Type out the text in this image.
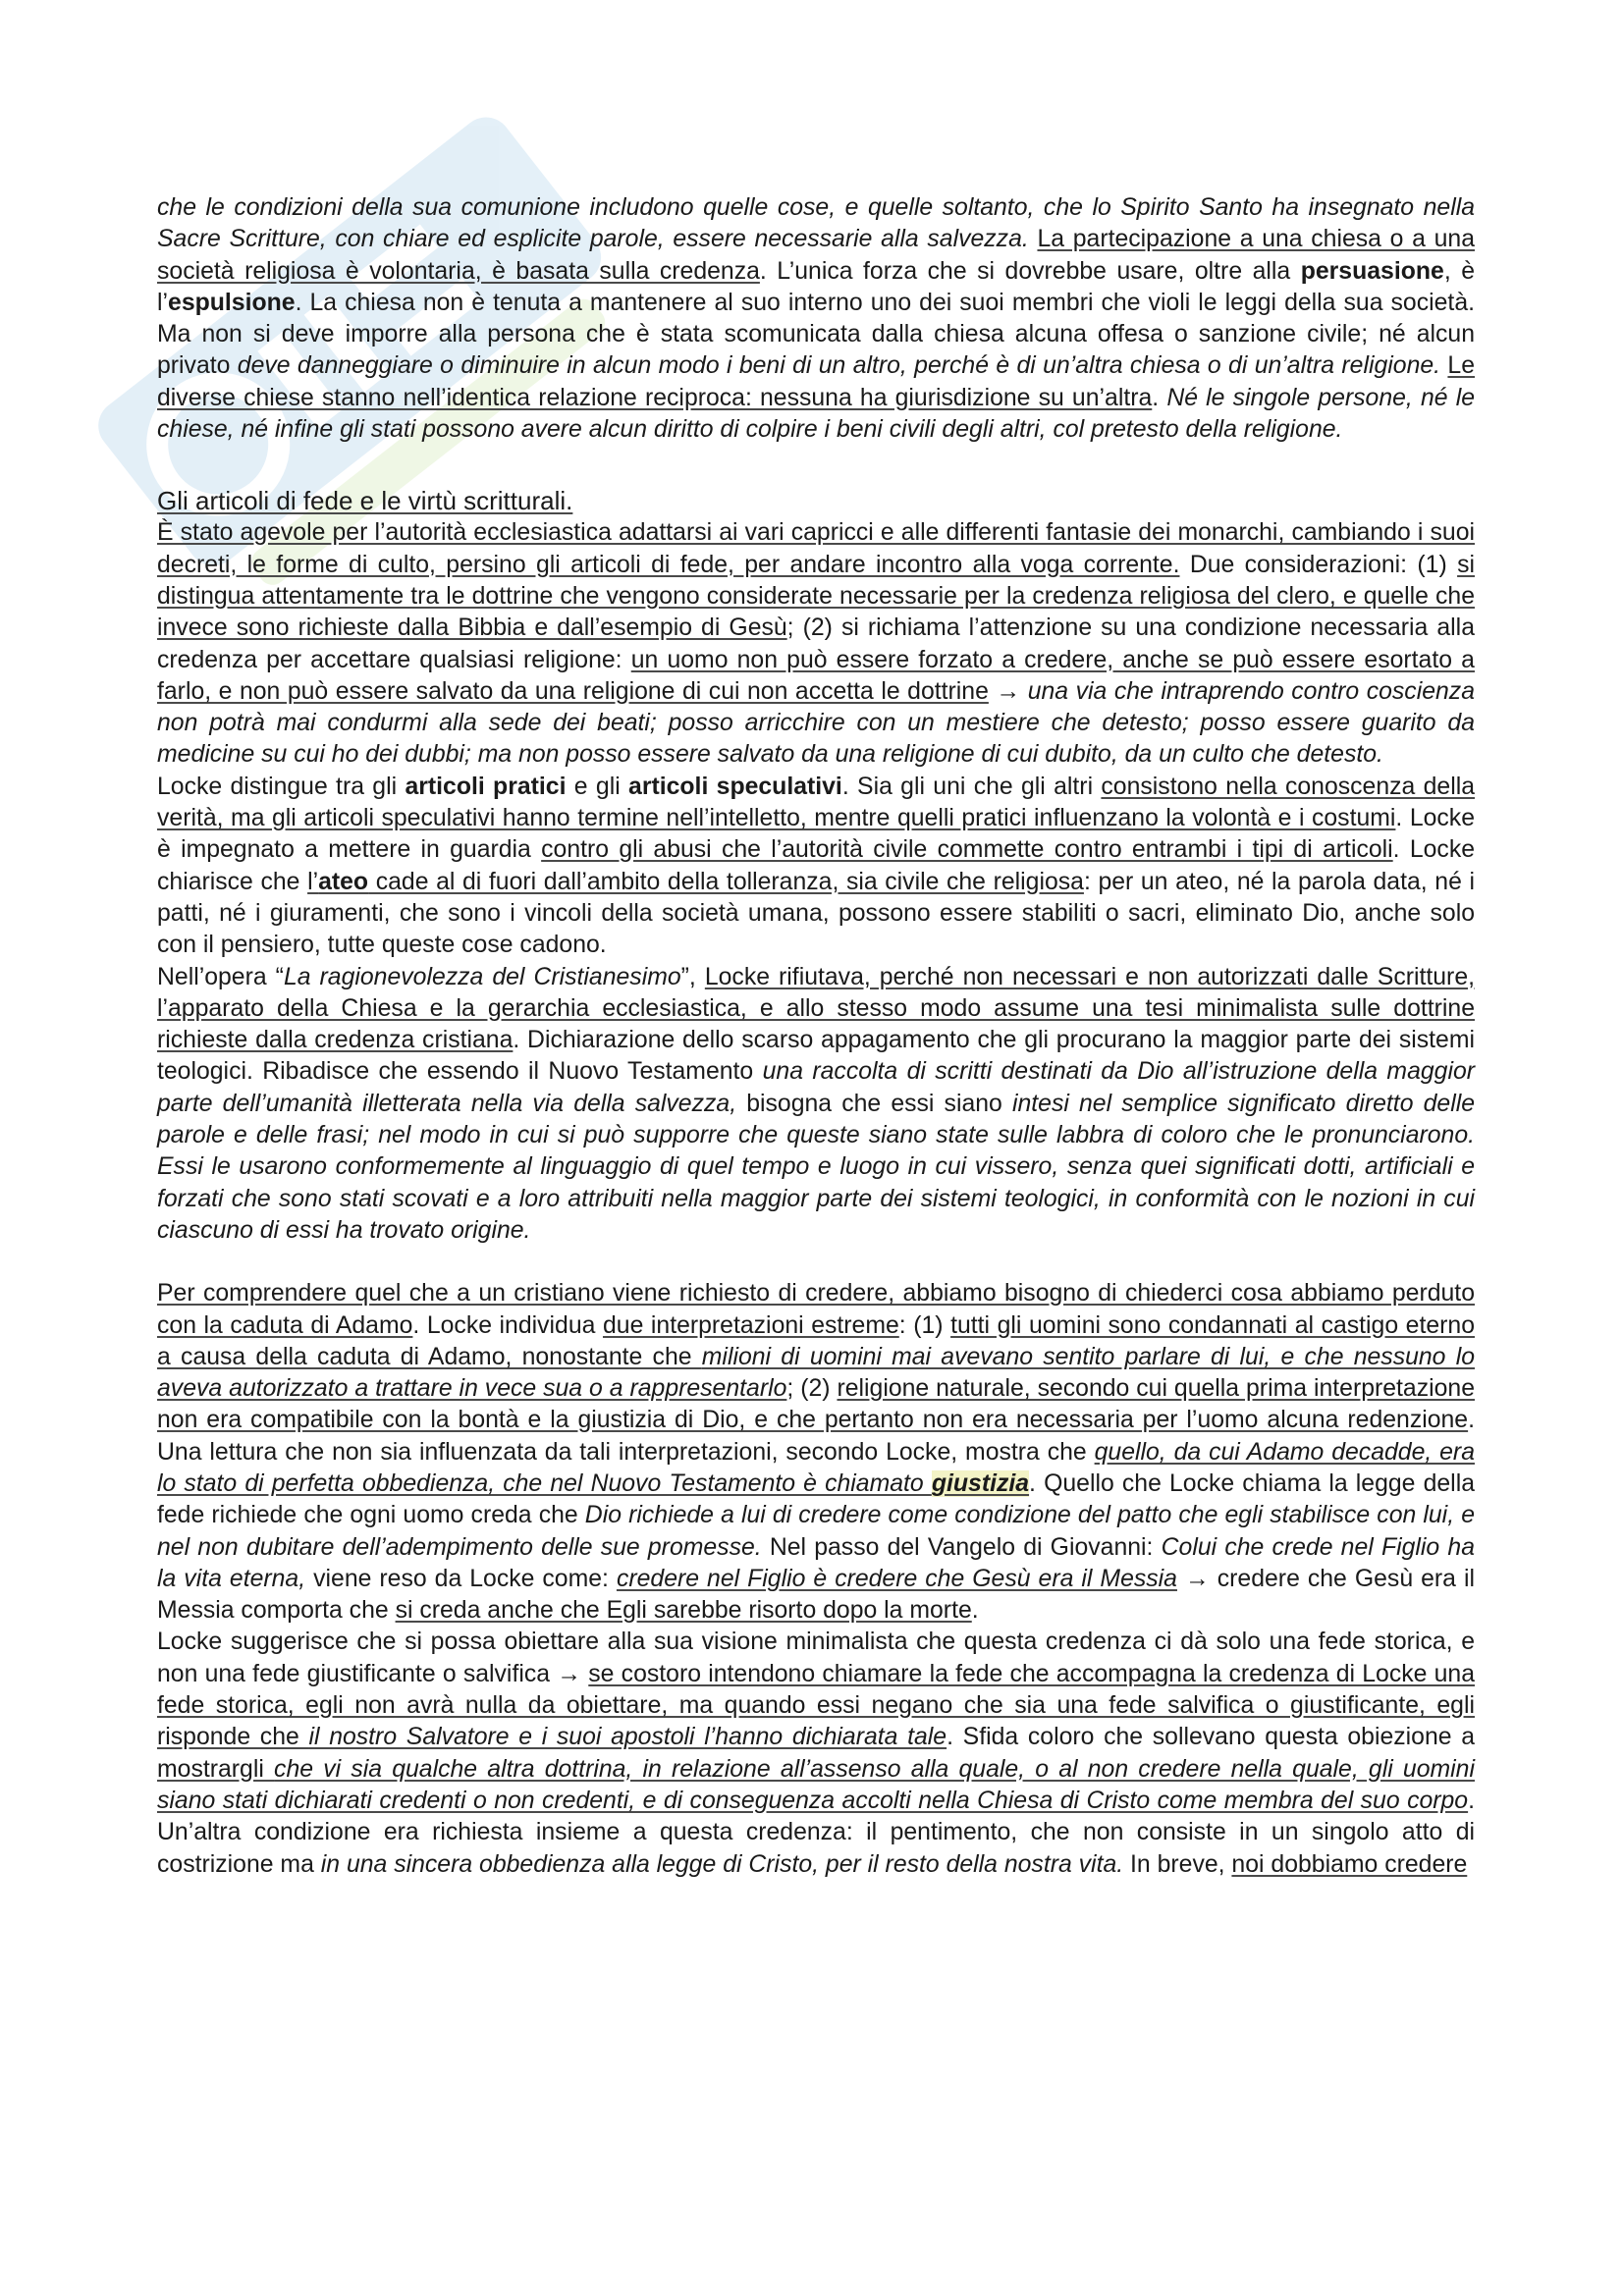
che le condizioni della sua comunione includono quelle cose, e quelle soltanto, che lo Spirito Santo ha insegnato nella Sacre Scritture, con chiare ed esplicite parole, essere necessarie alla salvezza. La partecipazione a una chiesa o a una società religiosa è volontaria, è basata sulla credenza. L’unica forza che si dovrebbe usare, oltre alla persuasione, è l’espulsione. La chiesa non è tenuta a mantenere al suo interno uno dei suoi membri che violi le leggi della sua società. Ma non si deve imporre alla persona che è stata scomunicata dalla chiesa alcuna offesa o sanzione civile; né alcun privato deve danneggiare o diminuire in alcun modo i beni di un altro, perché è di un’altra chiesa o di un’altra religione. Le diverse chiese stanno nell’identica relazione reciproca: nessuna ha giurisdizione su un’altra. Né le singole persone, né le chiese, né infine gli stati possono avere alcun diritto di colpire i beni civili degli altri, col pretesto della religione.

Gli articoli di fede e le virtù scritturali.

È stato agevole per l’autorità ecclesiastica adattarsi ai vari capricci e alle differenti fantasie dei monarchi, cambiando i suoi decreti, le forme di culto, persino gli articoli di fede, per andare incontro alla voga corrente. Due considerazioni: (1) si distingua attentamente tra le dottrine che vengono considerate necessarie per la credenza religiosa del clero, e quelle che invece sono richieste dalla Bibbia e dall’esempio di Gesù; (2) si richiama l’attenzione su una condizione necessaria alla credenza per accettare qualsiasi religione: un uomo non può essere forzato a credere, anche se può essere esortato a farlo, e non può essere salvato da una religione di cui non accetta le dottrine → una via che intraprendo contro coscienza non potrà mai condurmi alla sede dei beati; posso arricchire con un mestiere che detesto; posso essere guarito da medicine su cui ho dei dubbi; ma non posso essere salvato da una religione di cui dubito, da un culto che detesto.

Locke distingue tra gli articoli pratici e gli articoli speculativi. Sia gli uni che gli altri consistono nella conoscenza della verità, ma gli articoli speculativi hanno termine nell’intelletto, mentre quelli pratici influenzano la volontà e i costumi. Locke è impegnato a mettere in guardia contro gli abusi che l’autorità civile commette contro entrambi i tipi di articoli. Locke chiarisce che l’ateo cade al di fuori dall’ambito della tolleranza, sia civile che religiosa: per un ateo, né la parola data, né i patti, né i giuramenti, che sono i vincoli della società umana, possono essere stabiliti o sacri, eliminato Dio, anche solo con il pensiero, tutte queste cose cadono.

Nell’opera “La ragionevolezza del Cristianesimo”, Locke rifiutava, perché non necessari e non autorizzati dalle Scritture, l’apparato della Chiesa e la gerarchia ecclesiastica, e allo stesso modo assume una tesi minimalista sulle dottrine richieste dalla credenza cristiana. Dichiarazione dello scarso appagamento che gli procurano la maggior parte dei sistemi teologici. Ribadisce che essendo il Nuovo Testamento una raccolta di scritti destinati da Dio all’istruzione della maggior parte dell’umanità illetterata nella via della salvezza, bisogna che essi siano intesi nel semplice significato diretto delle parole e delle frasi; nel modo in cui si può supporre che queste siano state sulle labbra di coloro che le pronunciarono. Essi le usarono conformemente al linguaggio di quel tempo e luogo in cui vissero, senza quei significati dotti, artificiali e forzati che sono stati scovati e a loro attribuiti nella maggior parte dei sistemi teologici, in conformità con le nozioni in cui ciascuno di essi ha trovato origine.

Per comprendere quel che a un cristiano viene richiesto di credere, abbiamo bisogno di chiederci cosa abbiamo perduto con la caduta di Adamo. Locke individua due interpretazioni estreme: (1) tutti gli uomini sono condannati al castigo eterno a causa della caduta di Adamo, nonostante che milioni di uomini mai avevano sentito parlare di lui, e che nessuno lo aveva autorizzato a trattare in vece sua o a rappresentarlo; (2) religione naturale, secondo cui quella prima interpretazione non era compatibile con la bontà e la giustizia di Dio, e che pertanto non era necessaria per l’uomo alcuna redenzione. Una lettura che non sia influenzata da tali interpretazioni, secondo Locke, mostra che quello, da cui Adamo decadde, era lo stato di perfetta obbedienza, che nel Nuovo Testamento è chiamato giustizia. Quello che Locke chiama la legge della fede richiede che ogni uomo creda che Dio richiede a lui di credere come condizione del patto che egli stabilisce con lui, e nel non dubitare dell’adempimento delle sue promesse. Nel passo del Vangelo di Giovanni: Colui che crede nel Figlio ha la vita eterna, viene reso da Locke come: credere nel Figlio è credere che Gesù era il Messia → credere che Gesù era il Messia comporta che si creda anche che Egli sarebbe risorto dopo la morte.

Locke suggerisce che si possa obiettare alla sua visione minimalista che questa credenza ci dà solo una fede storica, e non una fede giustificante o salvifica → se costoro intendono chiamare la fede che accompagna la credenza di Locke una fede storica, egli non avrà nulla da obiettare, ma quando essi negano che sia una fede salvifica o giustificante, egli risponde che il nostro Salvatore e i suoi apostoli l’hanno dichiarata tale. Sfida coloro che sollevano questa obiezione a mostrargli che vi sia qualche altra dottrina, in relazione all’assenso alla quale, o al non credere nella quale, gli uomini siano stati dichiarati credenti o non credenti, e di conseguenza accolti nella Chiesa di Cristo come membra del suo corpo. Un’altra condizione era richiesta insieme a questa credenza: il pentimento, che non consiste in un singolo atto di costrizione ma in una sincera obbedienza alla legge di Cristo, per il resto della nostra vita. In breve, noi dobbiamo credere
